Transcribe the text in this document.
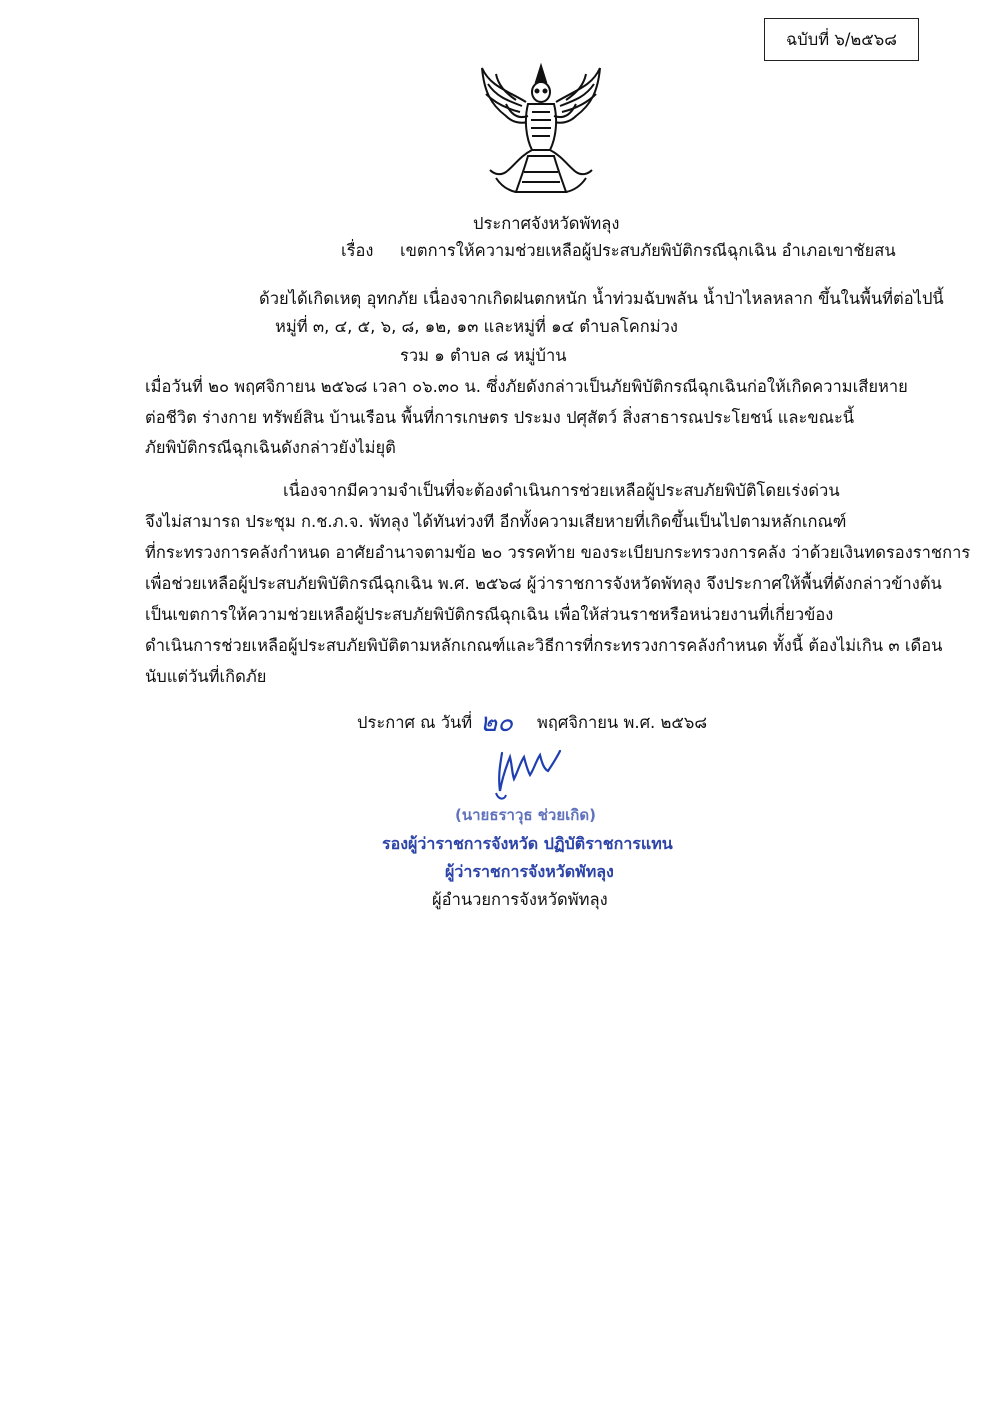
ฉบับที่ ๖/๒๕๖๘
ประกาศจังหวัดพัทลุง
เรื่อง เขตการให้ความช่วยเหลือผู้ประสบภัยพิบัติกรณีฉุกเฉิน อำเภอเขาชัยสน
ด้วยได้เกิดเหตุ อุทกภัย เนื่องจากเกิดฝนตกหนัก น้ำท่วมฉับพลัน น้ำป่าไหลหลาก ขึ้นในพื้นที่ต่อไปนี้
หมู่ที่ ๓, ๔, ๕, ๖, ๘, ๑๒, ๑๓ และหมู่ที่ ๑๔ ตำบลโคกม่วง
รวม ๑ ตำบล ๘ หมู่บ้าน
เมื่อวันที่ ๒๐ พฤศจิกายน ๒๕๖๘ เวลา ๐๖.๓๐ น. ซึ่งภัยดังกล่าวเป็นภัยพิบัติกรณีฉุกเฉินก่อให้เกิดความเสียหาย
ต่อชีวิต ร่างกาย ทรัพย์สิน บ้านเรือน พื้นที่การเกษตร ประมง ปศุสัตว์ สิ่งสาธารณประโยชน์ และขณะนี้
ภัยพิบัติกรณีฉุกเฉินดังกล่าวยังไม่ยุติ
เนื่องจากมีความจำเป็นที่จะต้องดำเนินการช่วยเหลือผู้ประสบภัยพิบัติโดยเร่งด่วน
จึงไม่สามารถ ประชุม ก.ช.ภ.จ. พัทลุง ได้ทันท่วงที อีกทั้งความเสียหายที่เกิดขึ้นเป็นไปตามหลักเกณฑ์
ที่กระทรวงการคลังกำหนด อาศัยอำนาจตามข้อ ๒๐ วรรคท้าย ของระเบียบกระทรวงการคลัง ว่าด้วยเงินทดรองราชการ
เพื่อช่วยเหลือผู้ประสบภัยพิบัติกรณีฉุกเฉิน พ.ศ. ๒๕๖๘ ผู้ว่าราชการจังหวัดพัทลุง จึงประกาศให้พื้นที่ดังกล่าวข้างต้น
เป็นเขตการให้ความช่วยเหลือผู้ประสบภัยพิบัติกรณีฉุกเฉิน เพื่อให้ส่วนราชหรือหน่วยงานที่เกี่ยวข้อง
ดำเนินการช่วยเหลือผู้ประสบภัยพิบัติตามหลักเกณฑ์และวิธีการที่กระทรวงการคลังกำหนด ทั้งนี้ ต้องไม่เกิน ๓ เดือน
นับแต่วันที่เกิดภัย
ประกาศ ณ วันที่ ๒๐ พฤศจิกายน พ.ศ. ๒๕๖๘
(นายธราวุธ ช่วยเกิด)
รองผู้ว่าราชการจังหวัด ปฏิบัติราชการแทน
ผู้ว่าราชการจังหวัดพัทลุง
ผู้อำนวยการจังหวัดพัทลุง
